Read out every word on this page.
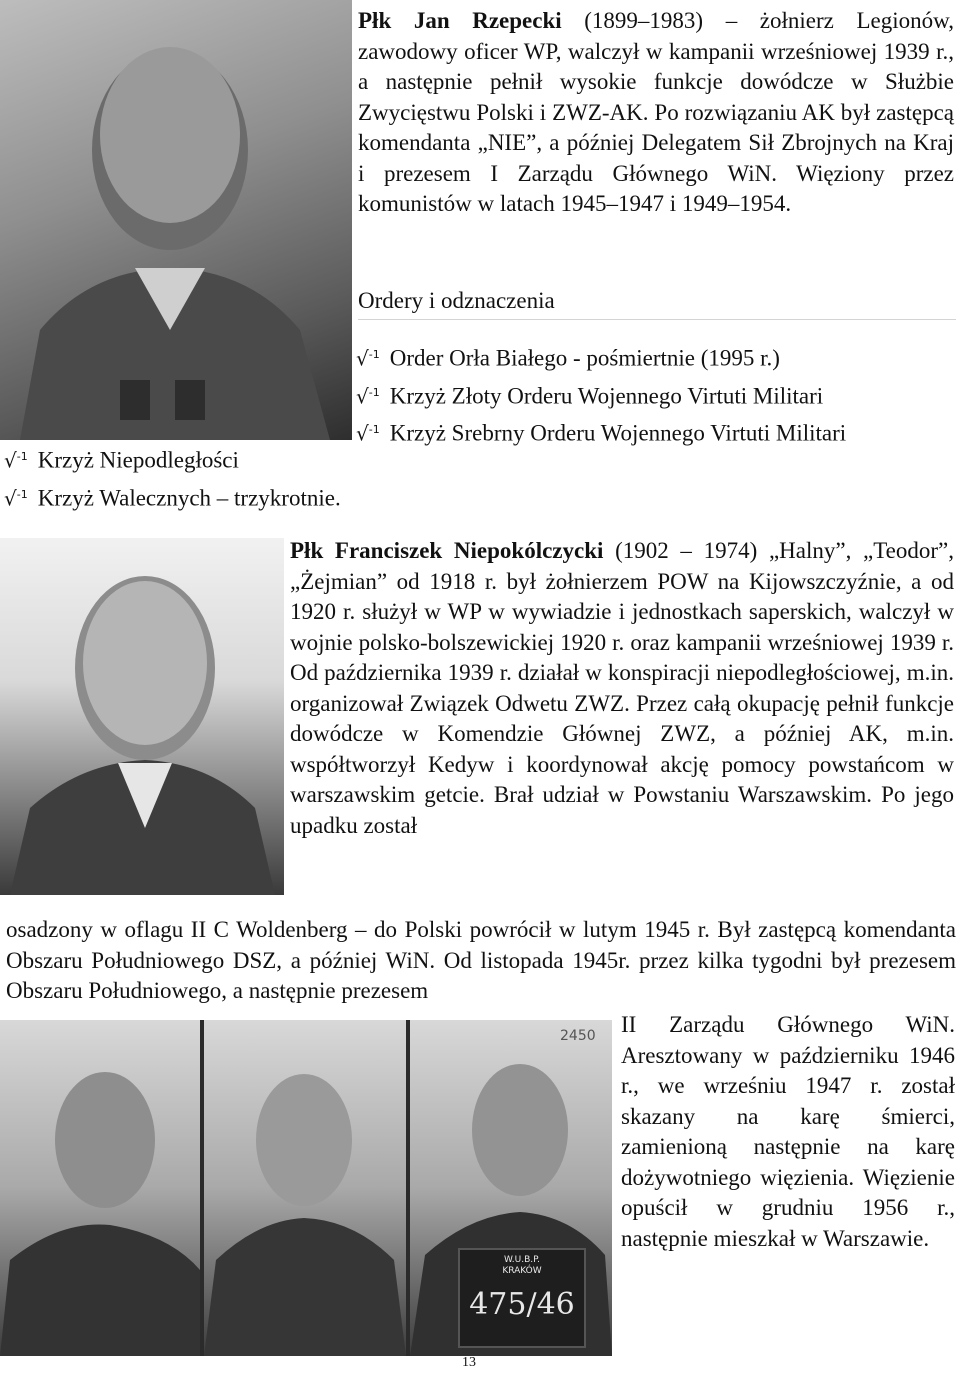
Płk Jan Rzepecki (1899–1983) – żołnierz Legionów, zawodowy oficer WP, walczył w kampanii wrześniowej 1939 r., a następnie pełnił wysokie funkcje dowódcze w Służbie Zwycięstwu Polski i ZWZ-AK. Po rozwiązaniu AK był zastępcą komendanta „NIE”, a później Delegatem Sił Zbrojnych na Kraj i prezesem I Zarządu Głównego WiN. Więziony przez komunistów w latach 1945–1947 i 1949–1954.
Ordery i odznaczenia
√$^{-1}$ Order Orła Białego - pośmiertnie (1995 r.)
√$^{-1}$ Krzyż Złoty Orderu Wojennego Virtuti Militari
√$^{-1}$ Krzyż Srebrny Orderu Wojennego Virtuti Militari
√$^{-1}$ Krzyż Niepodległości
√$^{-1}$ Krzyż Walecznych – trzykrotnie.
Płk Franciszek Niepokólczycki (1902 – 1974) „Halny”, „Teodor”, „Żejmian” od 1918 r. był żołnierzem POW na Kijowszczyźnie, a od 1920 r. służył w WP w wywiadzie i jednostkach saperskich, walczył w wojnie polsko-bolszewickiej 1920 r. oraz kampanii wrześniowej 1939 r. Od października 1939 r. działał w konspiracji niepodległościowej, m.in. organizował Związek Odwetu ZWZ. Przez całą okupację pełnił funkcje dowódcze w Komendzie Głównej ZWZ, a później AK, m.in. współtworzył Kedyw i koordynował akcję pomocy powstańcom w warszawskim getcie. Brał udział w Powstaniu Warszawskim. Po jego upadku został
osadzony w oflagu II C Woldenberg – do Polski powrócił w lutym 1945 r. Był zastępcą komendanta Obszaru Południowego DSZ, a później WiN. Od listopada 1945r. przez kilka tygodni był prezesem Obszaru Południowego, a następnie prezesem
2450
W.U.B.P.
KRAKÓW
475/46
II Zarządu Głównego WiN. Aresztowany w październiku 1946 r., we wrześniu 1947 r. został skazany na karę śmierci, zamienioną następnie na karę dożywotniego więzienia. Więzienie opuścił w grudniu 1956 r., następnie mieszkał w Warszawie.
13
